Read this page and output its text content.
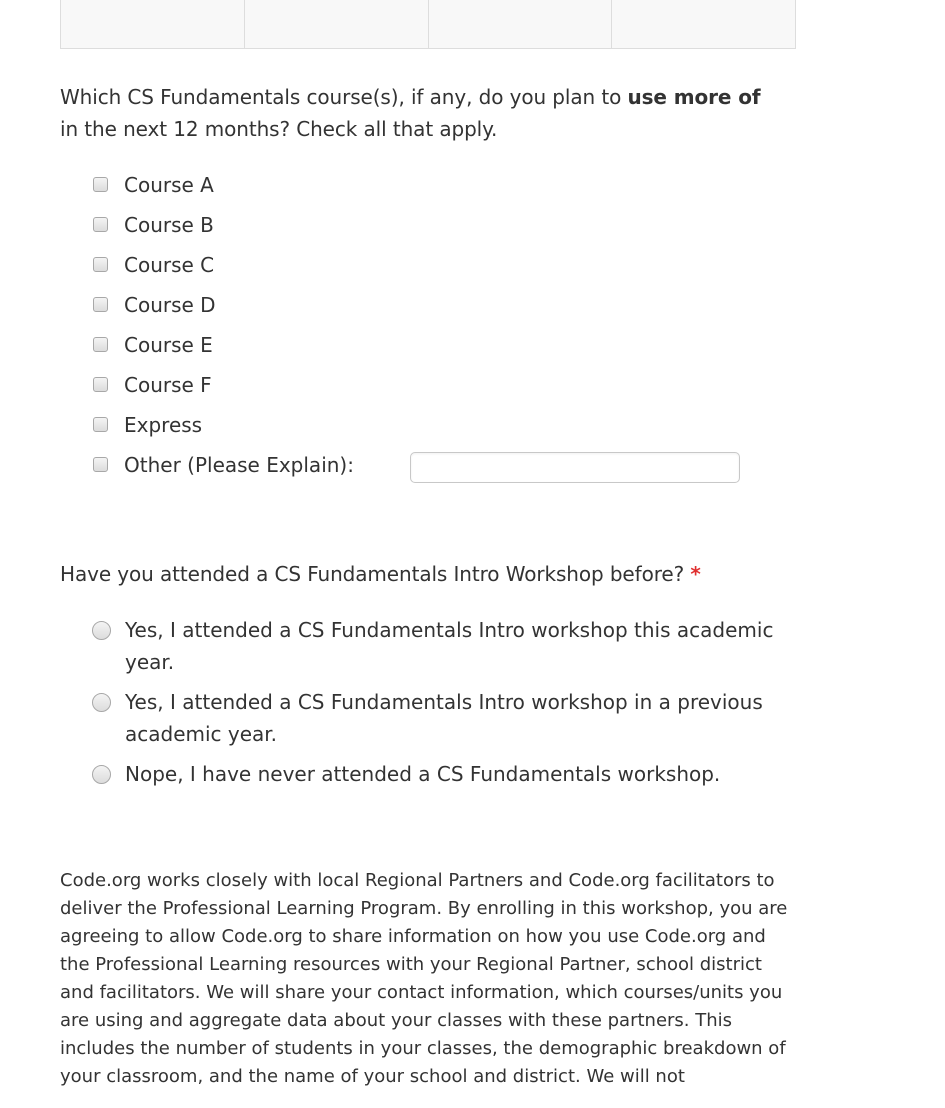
Which CS Fundamentals course(s), if any, do you plan to use more of in the next 12 months? Check all that apply.
Course A
Course B
Course C
Course D
Course E
Course F
Express
Other (Please Explain):
Have you attended a CS Fundamentals Intro Workshop before? *
Yes, I attended a CS Fundamentals Intro workshop this academic year.
Yes, I attended a CS Fundamentals Intro workshop in a previous academic year.
Nope, I have never attended a CS Fundamentals workshop.
Code.org works closely with local Regional Partners and Code.org facilitators to deliver the Professional Learning Program. By enrolling in this workshop, you are agreeing to allow Code.org to share information on how you use Code.org and the Professional Learning resources with your Regional Partner, school district and facilitators. We will share your contact information, which courses/units you are using and aggregate data about your classes with these partners. This includes the number of students in your classes, the demographic breakdown of your classroom, and the name of your school and district. We will not
